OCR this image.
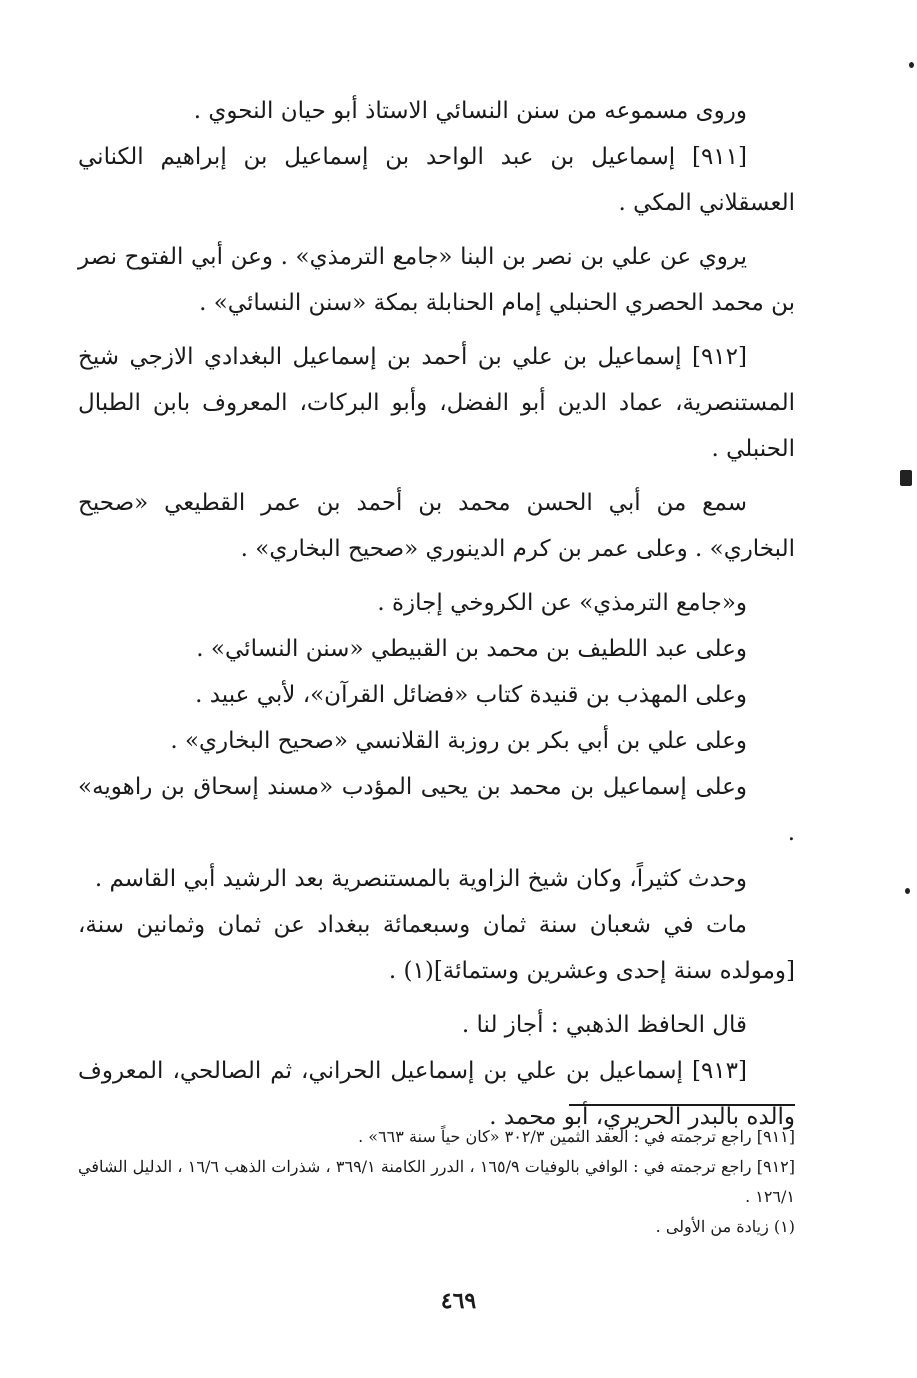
وروى مسموعه من سنن النسائي الاستاذ أبو حيان النحوي .

[٩١١] إسماعيل بن عبد الواحد بن إسماعيل بن إبراهيم الكناني العسقلاني المكي .

يروي عن علي بن نصر بن البنا «جامع الترمذي» . وعن أبي الفتوح نصر بن محمد الحصري الحنبلي إمام الحنابلة بمكة «سنن النسائي» .

[٩١٢] إسماعيل بن علي بن أحمد بن إسماعيل البغدادي الازجي شيخ المستنصرية، عماد الدين أبو الفضل، وأبو البركات، المعروف بابن الطبال الحنبلي .

سمع من أبي الحسن محمد بن أحمد بن عمر القطيعي «صحيح البخاري» . وعلى عمر بن كرم الدينوري «صحيح البخاري» .

و«جامع الترمذي» عن الكروخي إجازة .

وعلى عبد اللطيف بن محمد بن القبيطي «سنن النسائي» .

وعلى المهذب بن قنيدة كتاب «فضائل القرآن»، لأبي عبيد .

وعلى علي بن أبي بكر بن روزبة القلانسي «صحيح البخاري» .

وعلى إسماعيل بن محمد بن يحيى المؤدب «مسند إسحاق بن راهويه» .

وحدث كثيراً، وكان شيخ الزاوية بالمستنصرية بعد الرشيد أبي القاسم .

مات في شعبان سنة ثمان وسبعمائة ببغداد عن ثمان وثمانين سنة، [ومولده سنة إحدى وعشرين وستمائة](١) .

قال الحافظ الذهبي : أجاز لنا .

[٩١٣] إسماعيل بن علي بن إسماعيل الحراني، ثم الصالحي، المعروف والده بالبدر الحريري، أبو محمد .

[٩١١] راجع ترجمته في : العقد الثمين ٣٠٢/٣ «كان حياً سنة ٦٦٣» .

[٩١٢] راجع ترجمته في : الوافي بالوفيات ١٦٥/٩ ، الدرر الكامنة ٣٦٩/١ ، شذرات الذهب ١٦/٦ ، الدليل الشافي ١٢٦/١ .

(١) زيادة من الأولى .

٤٦٩
